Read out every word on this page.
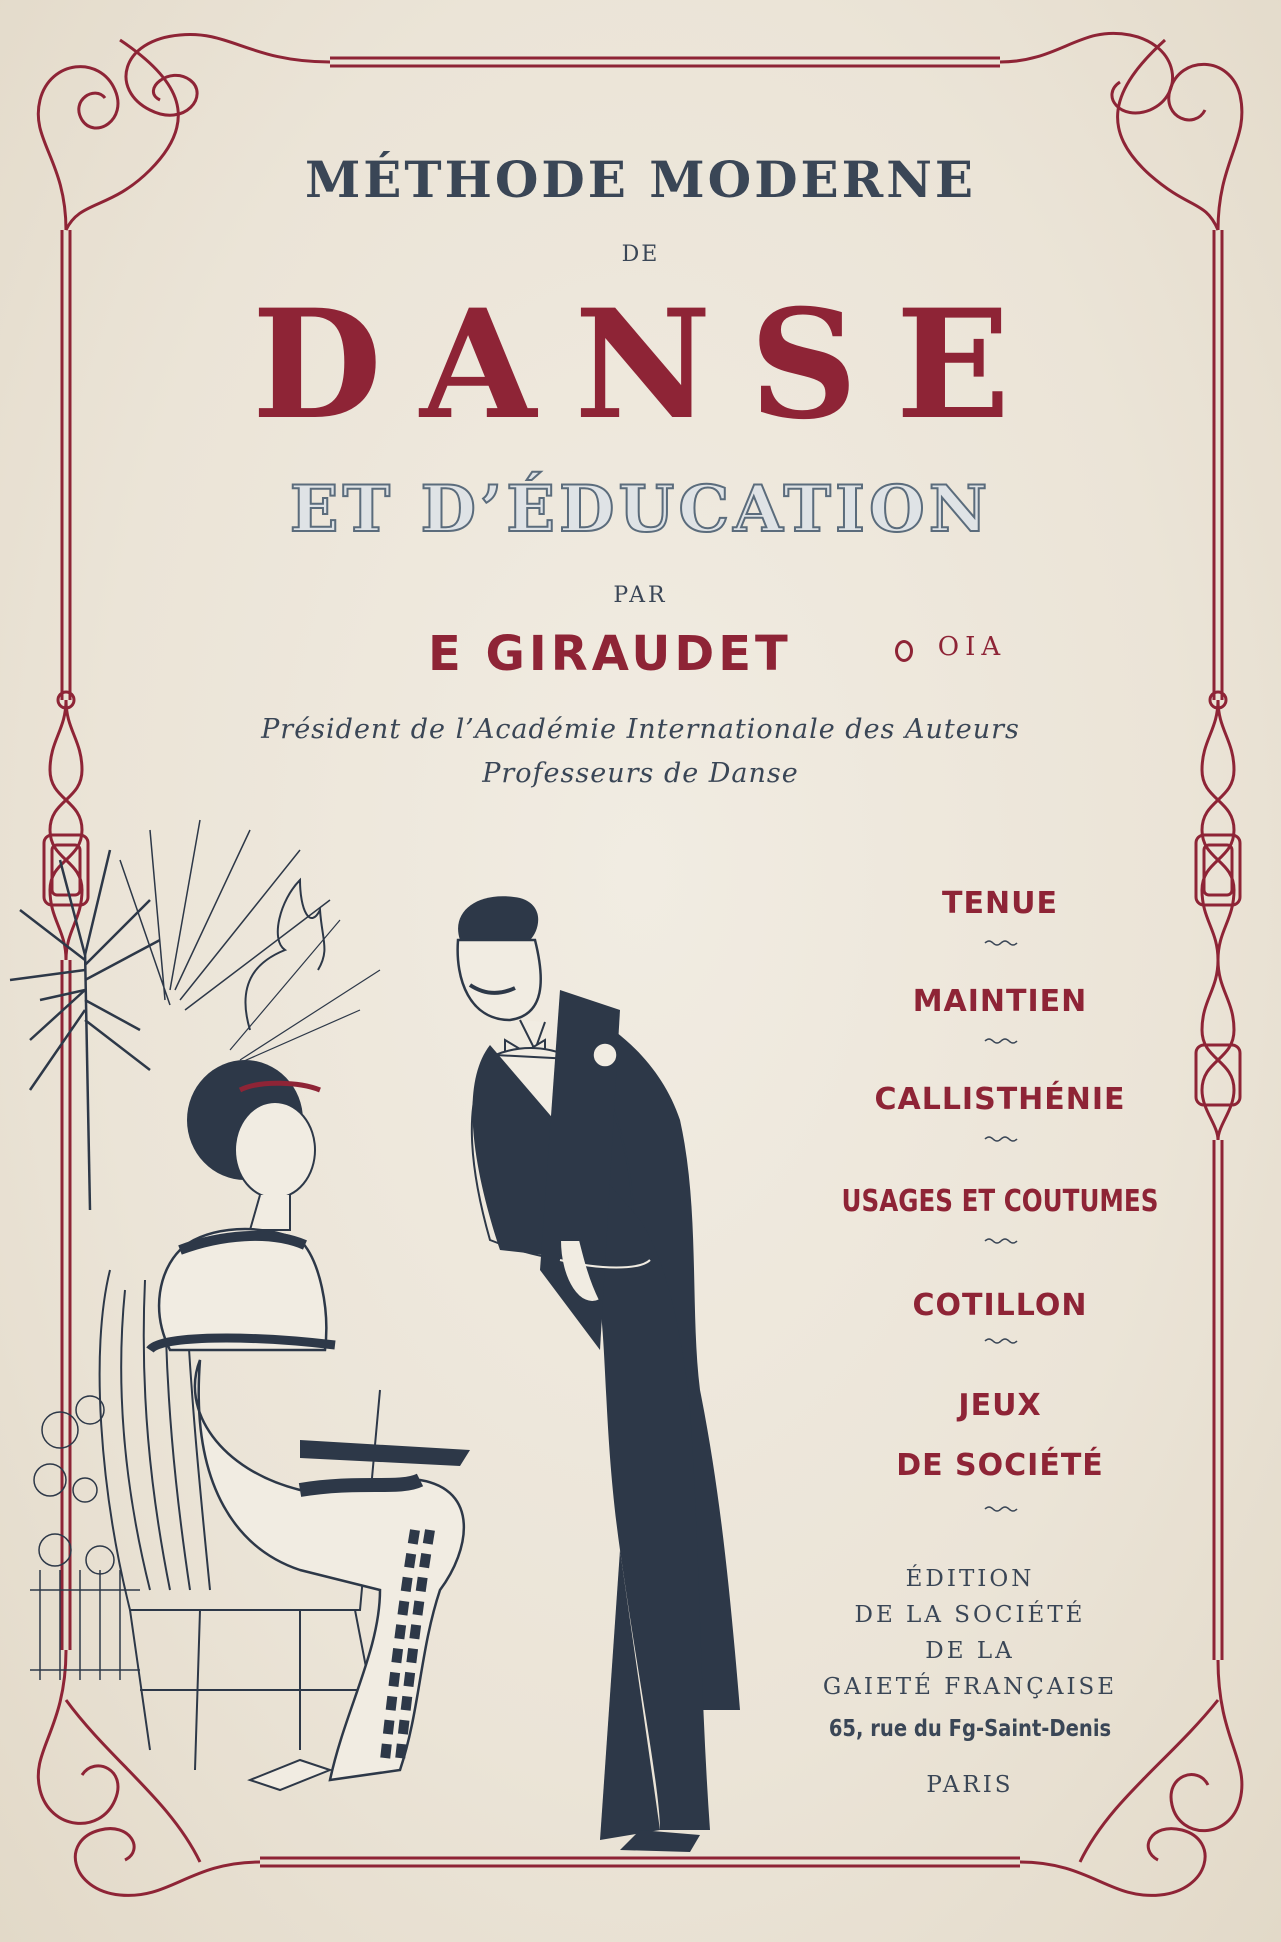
MÉTHODE MODERNE

DE

DANSE

ET D’ÉDUCATION

PAR

E GIRAUDET	OIA

Président de l’Académie Internationale des Auteurs

Professeurs de Danse

TENUE

MAINTIEN

CALLISTHÉNIE

USAGES ET COUTUMES

COTILLON

JEUX

DE SOCIÉTÉ

ÉDITION

DE LA SOCIÉTÉ

DE LA

GAIETÉ FRANÇAISE

65, rue du Fg-Saint-Denis

PARIS
